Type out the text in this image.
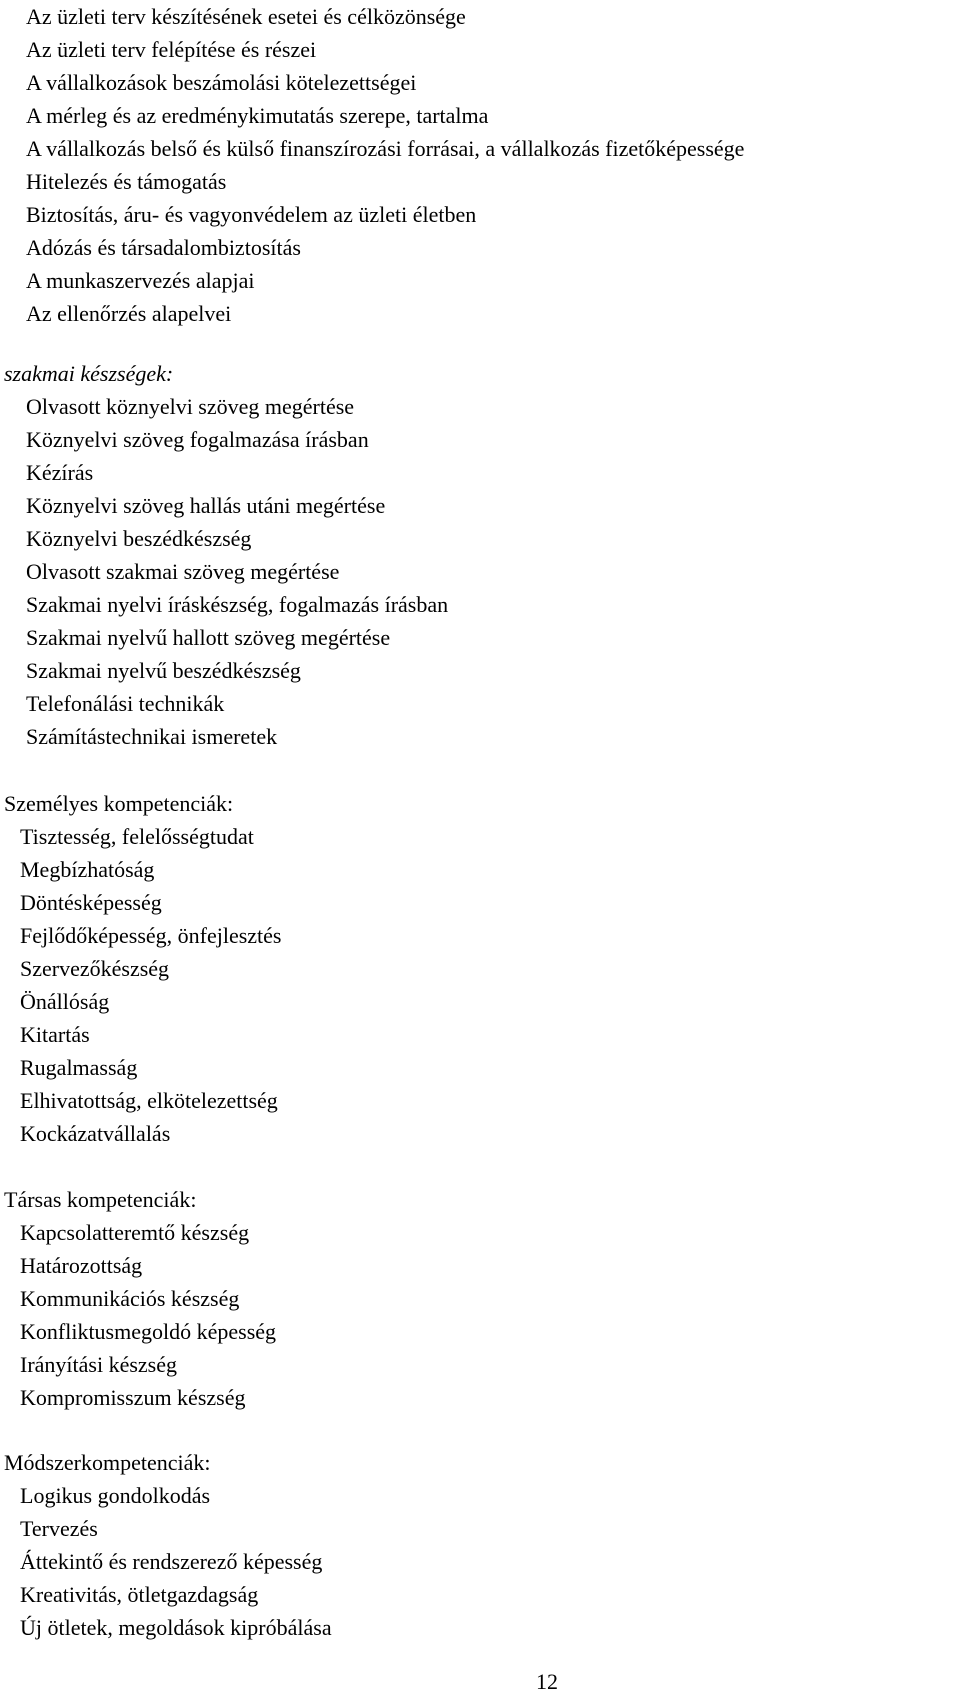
Az üzleti terv készítésének esetei és célközönsége
Az üzleti terv felépítése és részei
A vállalkozások beszámolási kötelezettségei
A mérleg és az eredménykimutatás szerepe, tartalma
A vállalkozás belső és külső finanszírozási forrásai, a vállalkozás fizetőképessége
Hitelezés és támogatás
Biztosítás, áru- és vagyonvédelem az üzleti életben
Adózás és társadalombiztosítás
A munkaszervezés alapjai
Az ellenőrzés alapelvei
szakmai készségek:
Olvasott köznyelvi szöveg megértése
Köznyelvi szöveg fogalmazása írásban
Kézírás
Köznyelvi szöveg hallás utáni megértése
Köznyelvi beszédkészség
Olvasott szakmai szöveg megértése
Szakmai nyelvi íráskészség, fogalmazás írásban
Szakmai nyelvű hallott szöveg megértése
Szakmai nyelvű beszédkészség
Telefonálási technikák
Számítástechnikai ismeretek
Személyes kompetenciák:
Tisztesség, felelősségtudat
Megbízhatóság
Döntésképesség
Fejlődőképesség, önfejlesztés
Szervezőkészség
Önállóság
Kitartás
Rugalmasság
Elhivatottság, elkötelezettség
Kockázatvállalás
Társas kompetenciák:
Kapcsolatteremtő készség
Határozottság
Kommunikációs készség
Konfliktusmegoldó képesség
Irányítási készség
Kompromisszum készség
Módszerkompetenciák:
Logikus gondolkodás
Tervezés
Áttekintő és rendszerező képesség
Kreativitás, ötletgazdagság
Új ötletek, megoldások kipróbálása
12
